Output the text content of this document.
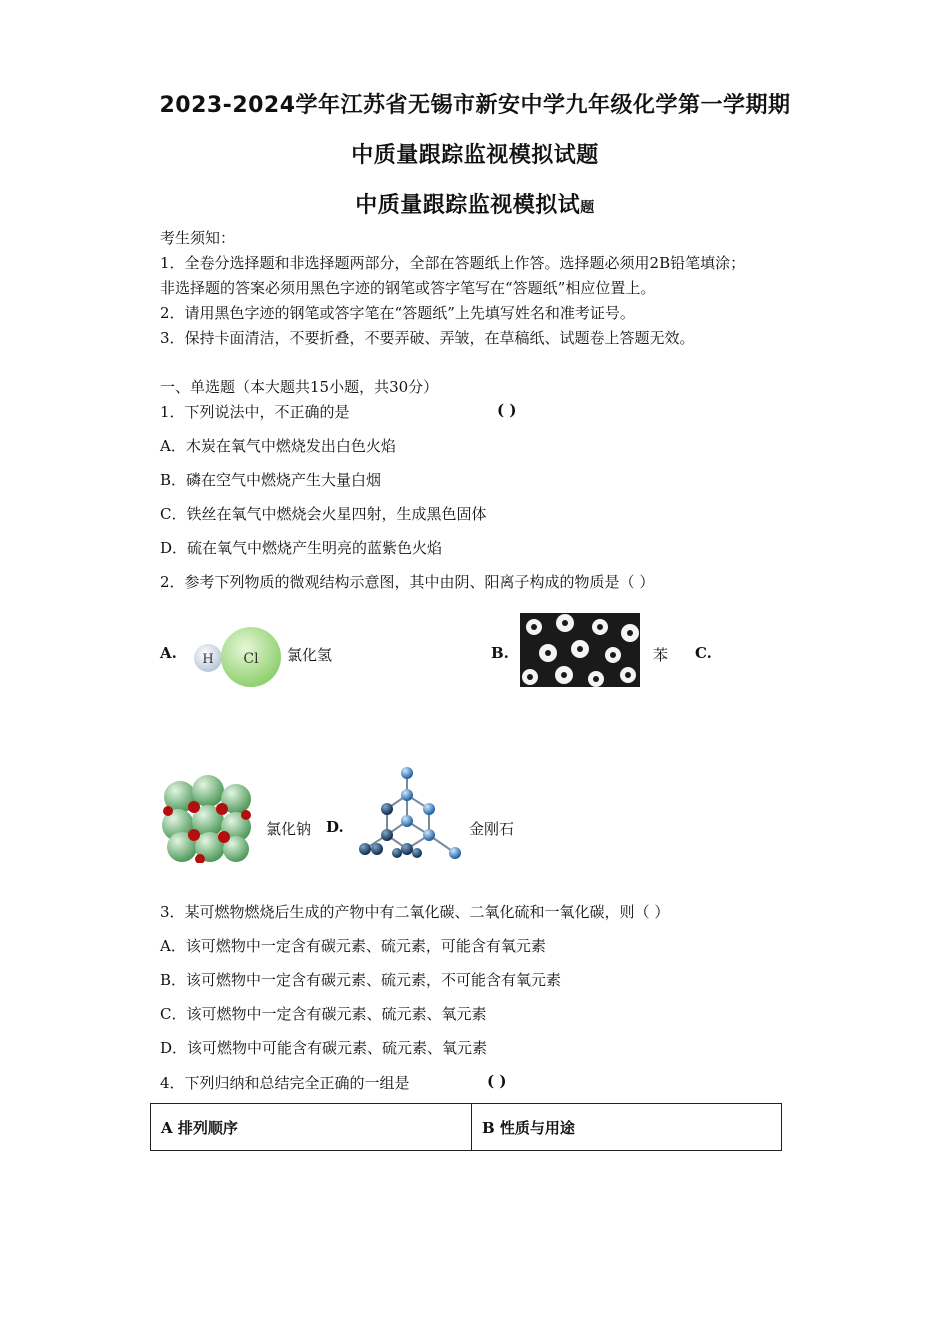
2023-2024学年江苏省无锡市新安中学九年级化学第一学期期
中质量跟踪监视模拟试题
中质量跟踪监视模拟试题
考生须知：
1．全卷分选择题和非选择题两部分，全部在答题纸上作答。选择题必须用2B铅笔填涂；
非选择题的答案必须用黑色字迹的钢笔或答字笔写在“答题纸”相应位置上。
2．请用黑色字迹的钢笔或答字笔在“答题纸”上先填写姓名和准考证号。
3．保持卡面清洁，不要折叠，不要弄破、弄皱，在草稿纸、试题卷上答题无效。
一、单选题（本大题共15小题，共30分）
1．下列说法中，不正确的是	( )
A．木炭在氧气中燃烧发出白色火焰
B．磷在空气中燃烧产生大量白烟
C．铁丝在氧气中燃烧会火星四射，生成黑色固体
D．硫在氧气中燃烧产生明亮的蓝紫色火焰
2．参考下列物质的微观结构示意图，其中由阴、阳离子构成的物质是（ ）
A. H Cl 氯化氢	B.	苯 C.
氯化钠 D.	金刚石
3．某可燃物燃烧后生成的产物中有二氧化碳、二氧化硫和一氧化碳，则（ ）
A．该可燃物中一定含有碳元素、硫元素，可能含有氧元素
B．该可燃物中一定含有碳元素、硫元素，不可能含有氧元素
C．该可燃物中一定含有碳元素、硫元素、氧元素
D．该可燃物中可能含有碳元素、硫元素、氧元素
4．下列归纳和总结完全正确的一组是	( )
A 排列顺序	B 性质与用途
